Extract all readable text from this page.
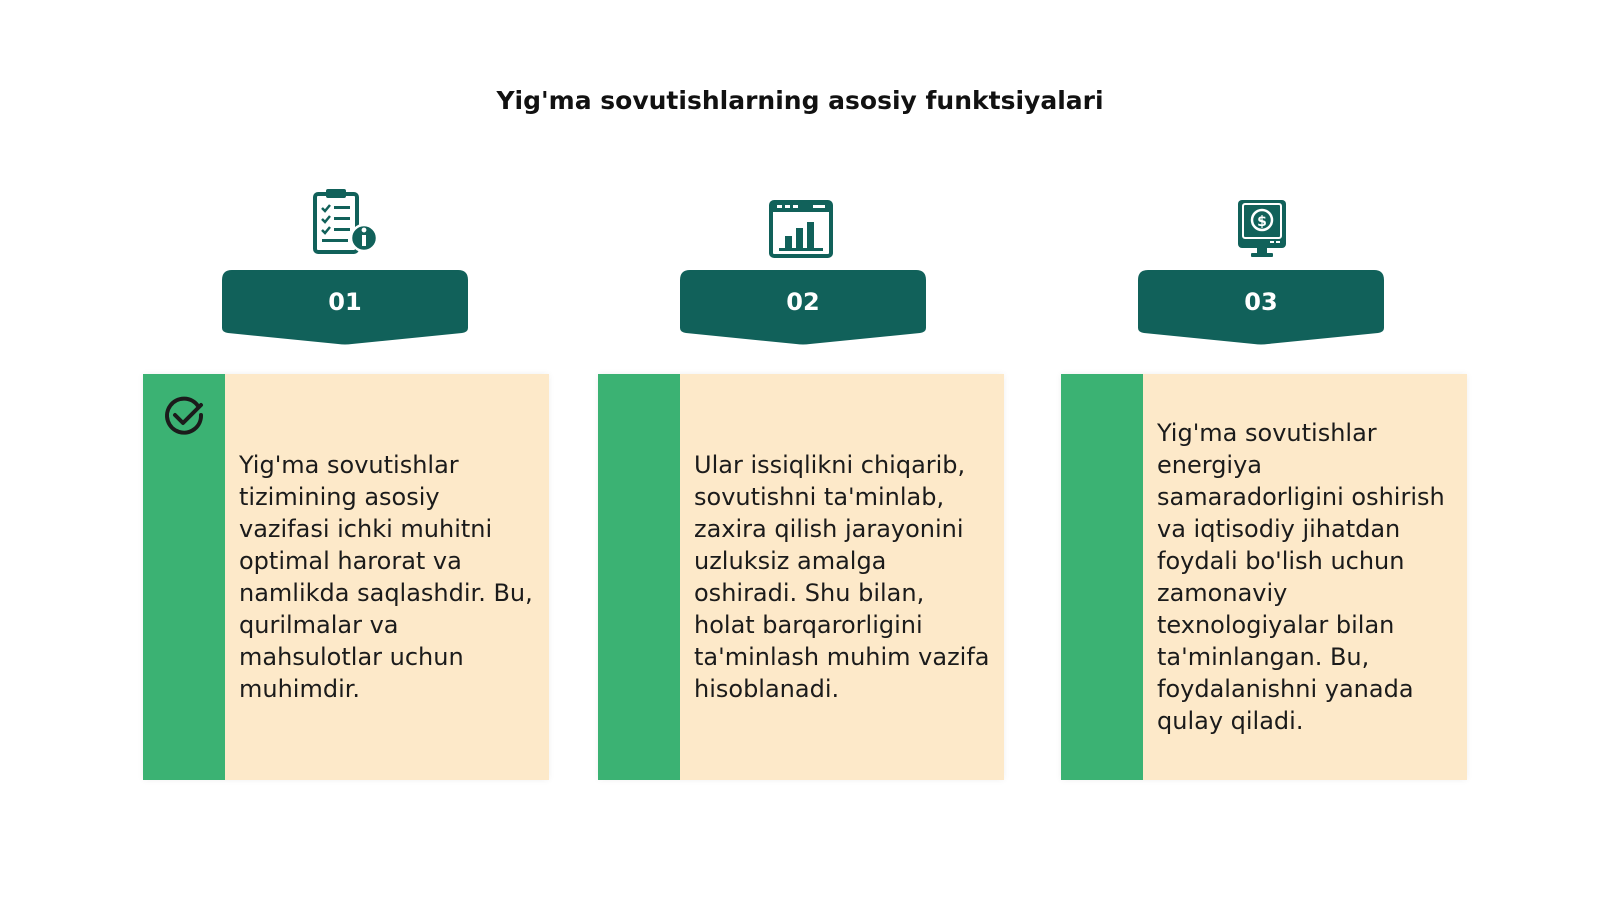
Yig'ma sovutishlarning asosiy funktsiyalari
$
01	02	03
Yig'ma sovutishlar tizimining asosiy vazifasi ichki muhitni optimal harorat va namlikda saqlashdir. Bu, qurilmalar va mahsulotlar uchun muhimdir.
Ular issiqlikni chiqarib, sovutishni ta'minlab, zaxira qilish jarayonini uzluksiz amalga oshiradi. Shu bilan, holat barqarorligini ta'minlash muhim vazifa hisoblanadi.
Yig'ma sovutishlar energiya samaradorligini oshirish va iqtisodiy jihatdan foydali bo'lish uchun zamonaviy texnologiyalar bilan ta'minlangan. Bu, foydalanishni yanada qulay qiladi.
